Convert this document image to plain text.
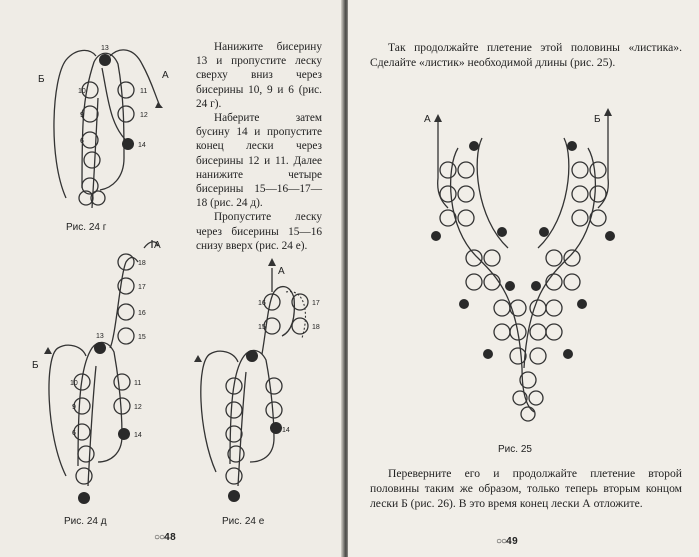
13
10	11
9	12
6
14
Б	А
Рис. 24 г

Нанижите бисерину 13 и пропустите леску сверху вниз через бисерины 10, 9 и 6 (рис. 24 г).

Наберите затем бусину 14 и пропустите конец лески через бисерины 12 и 11. Далее нанижите четыре бисерины 15—16—17—18 (рис. 24 д).

Пропустите леску через бисерины 15—16 снизу вверх (рис. 24 е).

18
17
16
15
13
10	11
9	12
6	14
Б
А
Рис. 24 д
16	17
15	18
14
А
Рис. 24 е
○○48

Так продолжайте плетение этой половины «листика». Сделайте «листик» необходимой длины (рис. 25).

А	Б
Рис. 25

Переверните его и продолжайте плетение второй половины таким же образом, только теперь вторым концом лески Б (рис. 26). В это время конец лески А отложите.

○○49
